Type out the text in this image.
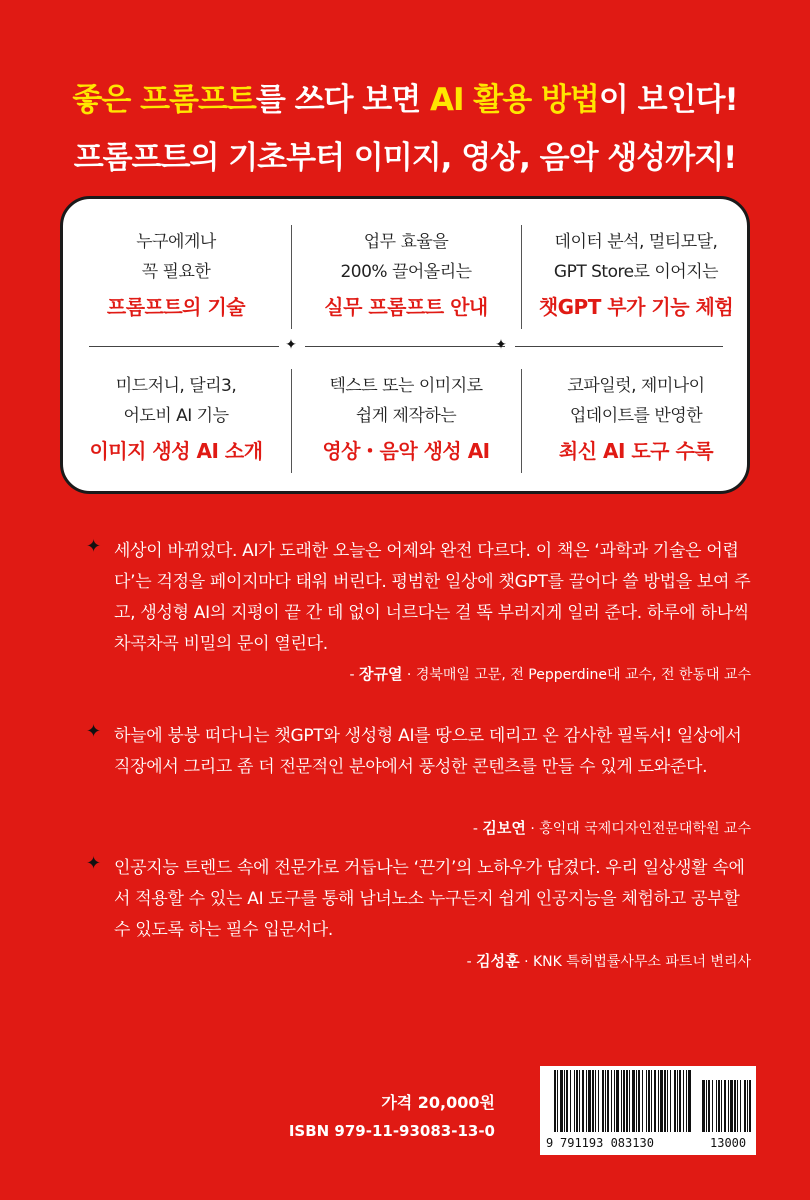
좋은 프롬프트를 쓰다 보면 AI 활용 방법이 보인다!
프롬프트의 기초부터 이미지, 영상, 음악 생성까지!
누구에게나
꼭 필요한
프롬프트의 기술
업무 효율을
200% 끌어올리는
실무 프롬프트 안내
데이터 분석, 멀티모달,
GPT Store로 이어지는
챗GPT 부가 기능 체험
✦	✦
미드저니, 달리3,
어도비 AI 기능
이미지 생성 AI 소개
텍스트 또는 이미지로
쉽게 제작하는
영상・음악 생성 AI
코파일럿, 제미나이
업데이트를 반영한
최신 AI 도구 수록
✦ 세상이 바뀌었다. AI가 도래한 오늘은 어제와 완전 다르다. 이 책은 ‘과학과 기술은 어렵다’는 걱정을 페이지마다 태워 버린다. 평범한 일상에 챗GPT를 끌어다 쓸 방법을 보여 주고, 생성형 AI의 지평이 끝 간 데 없이 너르다는 걸 똑 부러지게 일러 준다. 하루에 하나씩 차곡차곡 비밀의 문이 열린다.

- 장규열 · 경북매일 고문, 전 Pepperdine대 교수, 전 한동대 교수
✦ 하늘에 붕붕 떠다니는 챗GPT와 생성형 AI를 땅으로 데리고 온 감사한 필독서! 일상에서 직장에서 그리고 좀 더 전문적인 분야에서 풍성한 콘텐츠를 만들 수 있게 도와준다.

- 김보연 · 홍익대 국제디자인전문대학원 교수
✦ 인공지능 트렌드 속에 전문가로 거듭나는 ‘끈기’의 노하우가 담겼다. 우리 일상생활 속에서 적용할 수 있는 AI 도구를 통해 남녀노소 누구든지 쉽게 인공지능을 체험하고 공부할 수 있도록 하는 필수 입문서다.

- 김성훈 · KNK 특허법률사무소 파트너 변리사
가격 20,000원
ISBN 979-11-93083-13-0
9 791193 083130	13000
